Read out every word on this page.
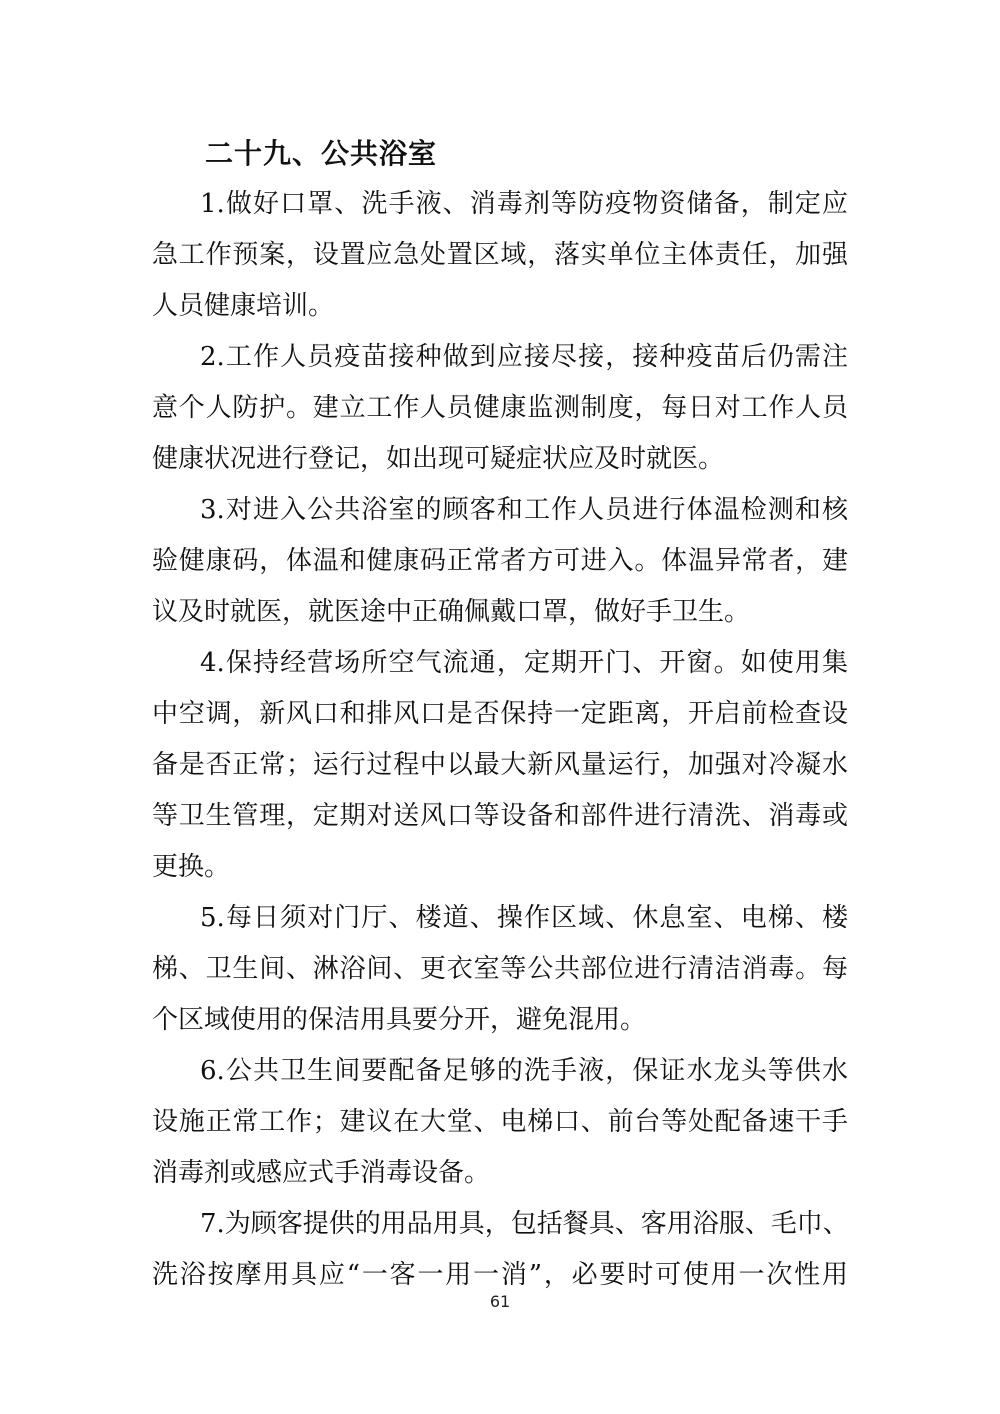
二十九、公共浴室
1.做好口罩、洗手液、消毒剂等防疫物资储备，制定应
急工作预案，设置应急处置区域，落实单位主体责任，加强
人员健康培训。
2.工作人员疫苗接种做到应接尽接，接种疫苗后仍需注
意个人防护。建立工作人员健康监测制度，每日对工作人员
健康状况进行登记，如出现可疑症状应及时就医。
3.对进入公共浴室的顾客和工作人员进行体温检测和核
验健康码，体温和健康码正常者方可进入。体温异常者，建
议及时就医，就医途中正确佩戴口罩，做好手卫生。
4.保持经营场所空气流通，定期开门、开窗。如使用集
中空调，新风口和排风口是否保持一定距离，开启前检查设
备是否正常；运行过程中以最大新风量运行，加强对冷凝水
等卫生管理，定期对送风口等设备和部件进行清洗、消毒或
更换。
5.每日须对门厅、楼道、操作区域、休息室、电梯、楼
梯、卫生间、淋浴间、更衣室等公共部位进行清洁消毒。每
个区域使用的保洁用具要分开，避免混用。
6.公共卫生间要配备足够的洗手液，保证水龙头等供水
设施正常工作；建议在大堂、电梯口、前台等处配备速干手
消毒剂或感应式手消毒设备。
7.为顾客提供的用品用具，包括餐具、客用浴服、毛巾、
洗浴按摩用具应“一客一用一消”，必要时可使用一次性用
61
